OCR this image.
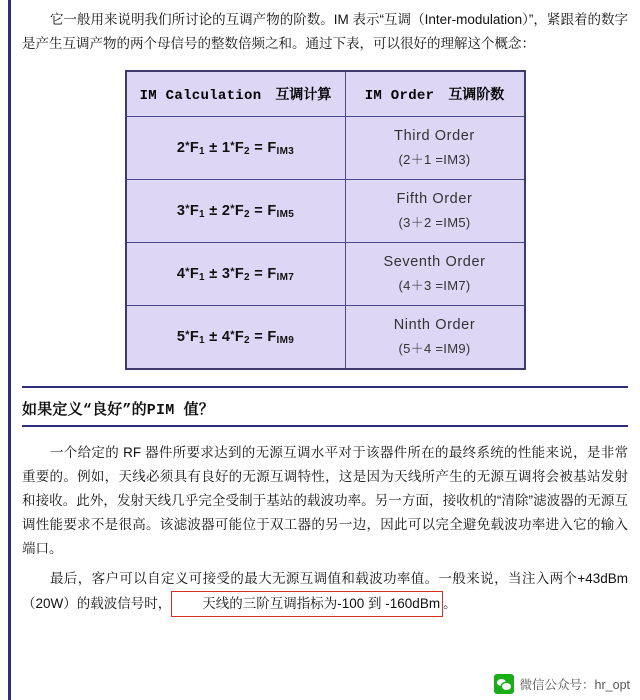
它一般用来说明我们所讨论的互调产物的阶数。IM 表示“互调（Inter-modulation）”，紧跟着的数字是产生互调产物的两个母信号的整数倍频之和。通过下表，可以很好的理解这个概念：

IM Calculation 互调计算	IM Order 互调阶数
$2^*F_1 \pm 1^*F_2 = F_{IM3}$	Third Order
(2＋1 =IM3)

$3^*F_1 \pm 2^*F_2 = F_{IM5}$	Fifth Order
(3＋2 =IM5)

$4^*F_1 \pm 3^*F_2 = F_{IM7}$	Seventh Order
(4＋3 =IM7)

$5^*F_1 \pm 4^*F_2 = F_{IM9}$	Ninth Order
(5＋4 =IM9)
如果定义“良好”的PIM 值？

一个给定的 RF 器件所要求达到的无源互调水平对于该器件所在的最终系统的性能来说，是非常重要的。例如，天线必须具有良好的无源互调特性，这是因为天线所产生的无源互调将会被基站发射和接收。此外，发射天线几乎完全受制于基站的载波功率。另一方面，接收机的“清除”滤波器的无源互调性能要求不是很高。该滤波器可能位于双工器的另一边，因此可以完全避免载波功率进入它的输入端口。

最后，客户可以自定义可接受的最大无源互调值和载波功率值。一般来说，当注入两个+43dBm（20W）的载波信号时， 天线的三阶互调指标为-100 到 -160dBm 。

微信公众号：hr_opt
